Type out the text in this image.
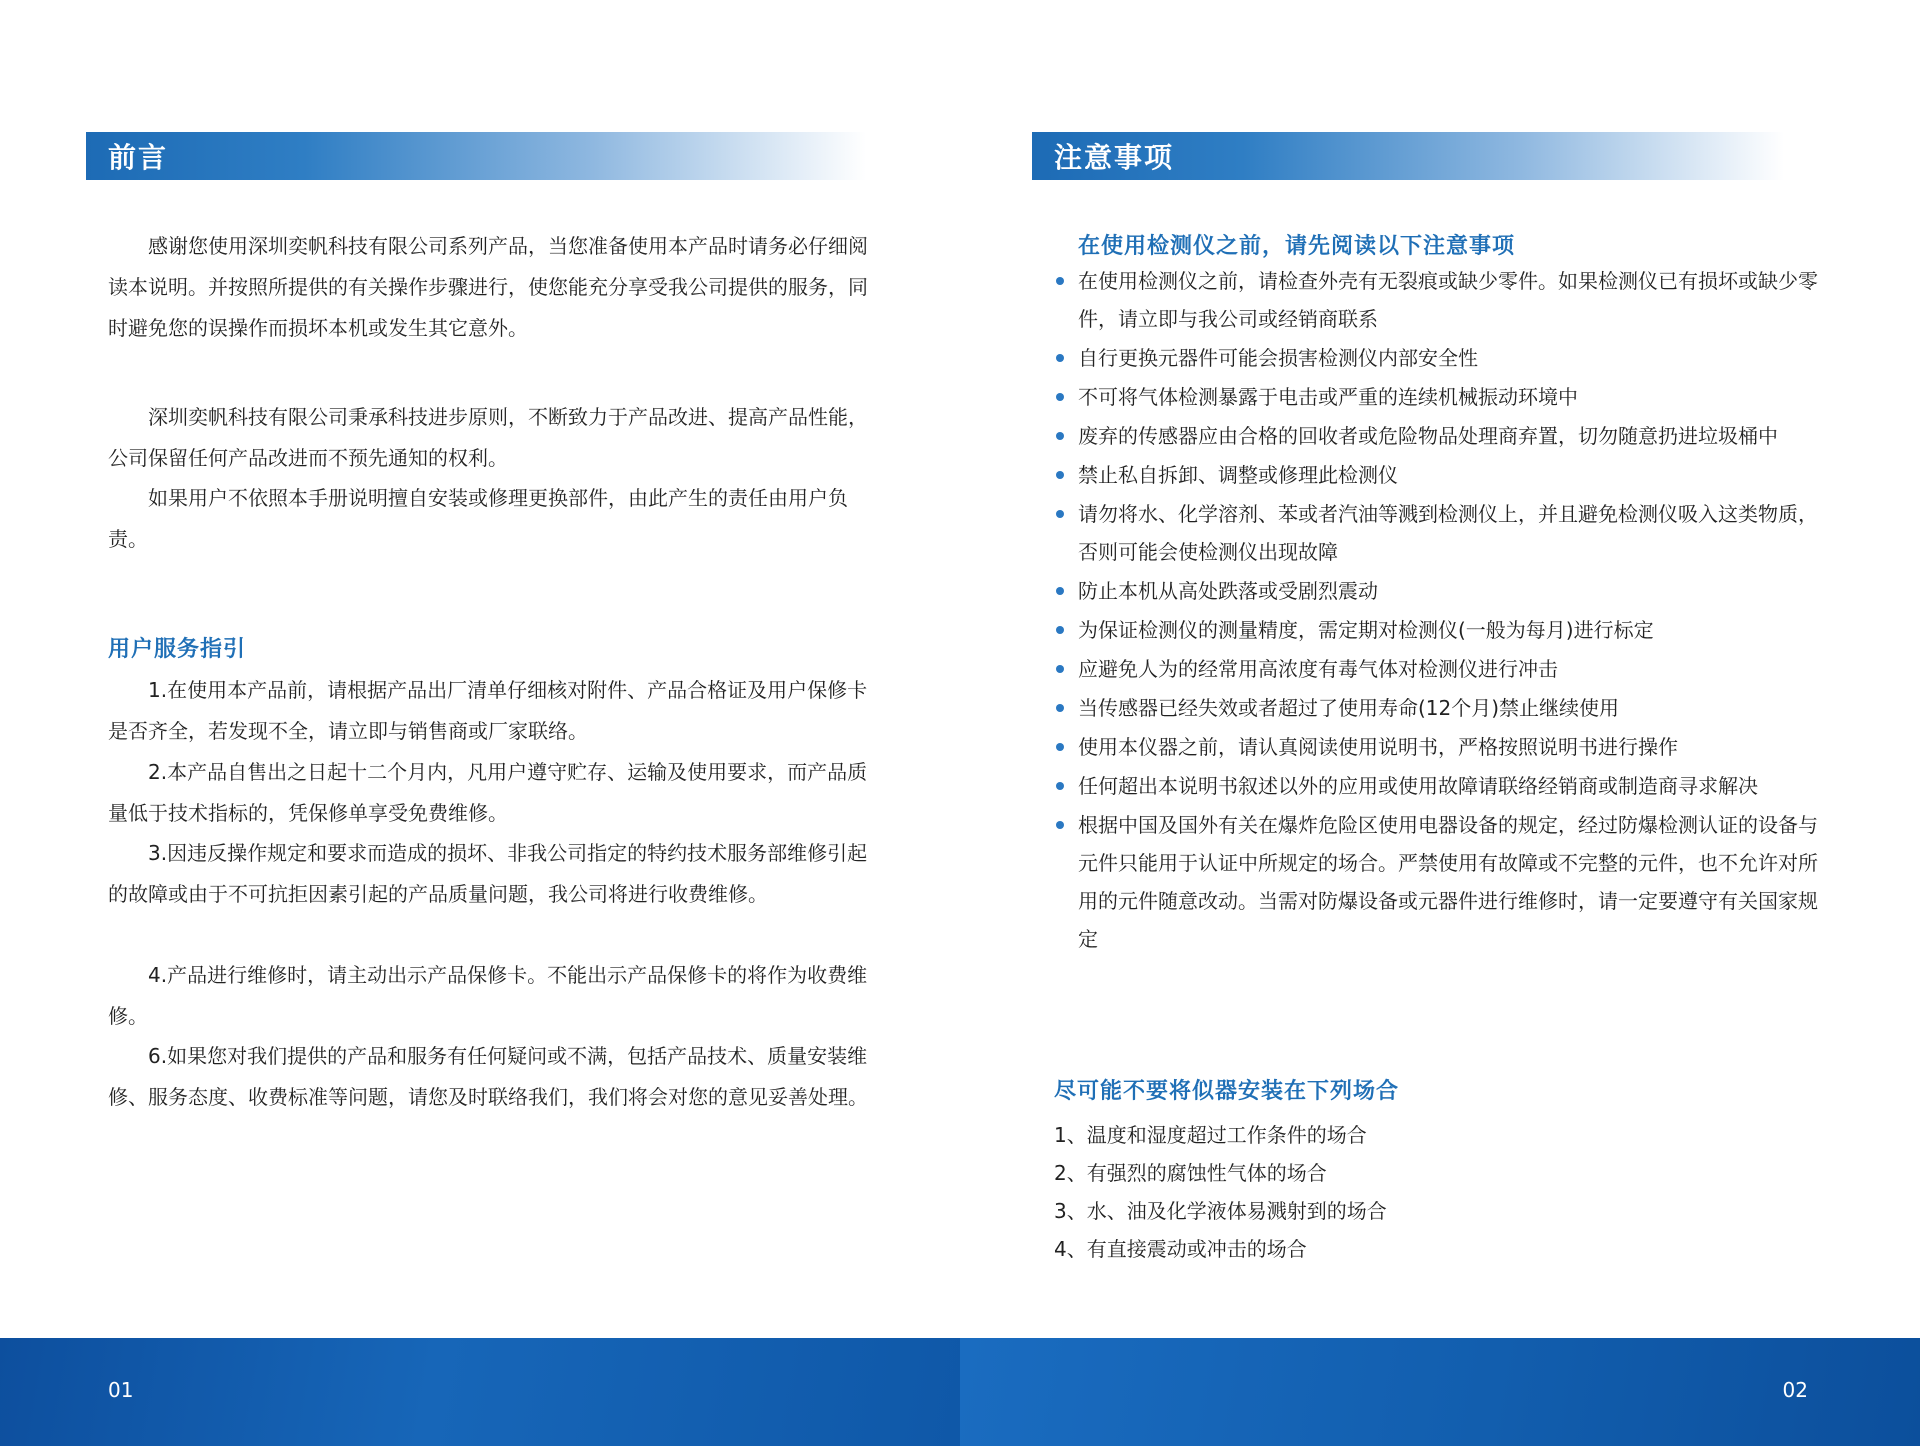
前言

感谢您使用深圳奕帆科技有限公司系列产品，当您准备使用本产品时请务必仔细阅读本说明。并按照所提供的有关操作步骤进行，使您能充分享受我公司提供的服务，同时避免您的误操作而损坏本机或发生其它意外。

深圳奕帆科技有限公司秉承科技进步原则，不断致力于产品改进、提高产品性能，公司保留任何产品改进而不预先通知的权利。

如果用户不依照本手册说明擅自安装或修理更换部件，由此产生的责任由用户负责。

用户服务指引

1.在使用本产品前，请根据产品出厂清单仔细核对附件、产品合格证及用户保修卡是否齐全，若发现不全，请立即与销售商或厂家联络。

2.本产品自售出之日起十二个月内，凡用户遵守贮存、运输及使用要求，而产品质量低于技术指标的，凭保修单享受免费维修。

3.因违反操作规定和要求而造成的损坏、非我公司指定的特约技术服务部维修引起的故障或由于不可抗拒因素引起的产品质量问题，我公司将进行收费维修。

4.产品进行维修时，请主动出示产品保修卡。不能出示产品保修卡的将作为收费维修。

6.如果您对我们提供的产品和服务有任何疑问或不满，包括产品技术、质量安装维修、服务态度、收费标准等问题，请您及时联络我们，我们将会对您的意见妥善处理。

01
注意事项
在使用检测仪之前，请先阅读以下注意事项
在使用检测仪之前，请检查外壳有无裂痕或缺少零件。如果检测仪已有损坏或缺少零件，请立即与我公司或经销商联系
自行更换元器件可能会损害检测仪内部安全性
不可将气体检测暴露于电击或严重的连续机械振动环境中
废弃的传感器应由合格的回收者或危险物品处理商弃置，切勿随意扔进垃圾桶中
禁止私自拆卸、调整或修理此检测仪
请勿将水、化学溶剂、苯或者汽油等溅到检测仪上，并且避免检测仪吸入这类物质，否则可能会使检测仪出现故障
防止本机从高处跌落或受剧烈震动
为保证检测仪的测量精度，需定期对检测仪(一般为每月)进行标定
应避免人为的经常用高浓度有毒气体对检测仪进行冲击
当传感器已经失效或者超过了使用寿命(12个月)禁止继续使用
使用本仪器之前，请认真阅读使用说明书，严格按照说明书进行操作
任何超出本说明书叙述以外的应用或使用故障请联络经销商或制造商寻求解决
根据中国及国外有关在爆炸危险区使用电器设备的规定，经过防爆检测认证的设备与元件只能用于认证中所规定的场合。严禁使用有故障或不完整的元件，也不允许对所用的元件随意改动。当需对防爆设备或元器件进行维修时，请一定要遵守有关国家规定
尽可能不要将似器安装在下列场合
1、温度和湿度超过工作条件的场合
2、有强烈的腐蚀性气体的场合
3、水、油及化学液体易溅射到的场合
4、有直接震动或冲击的场合
02
